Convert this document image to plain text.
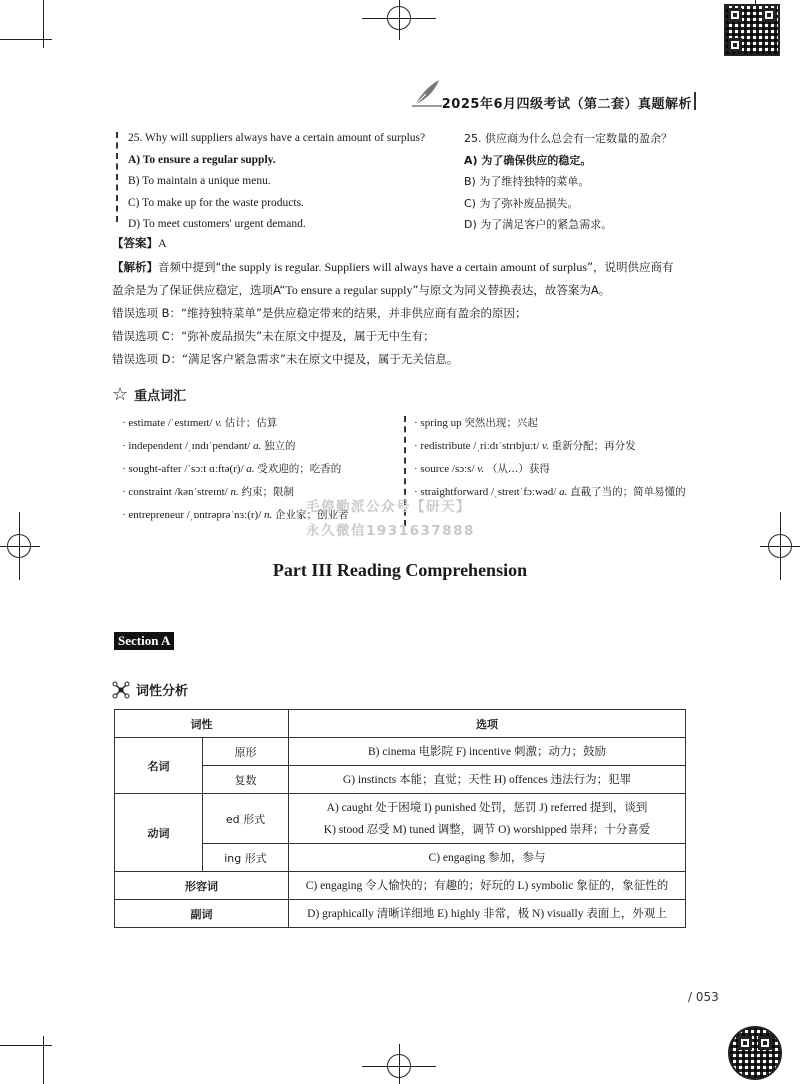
2025年6月四级考试（第二套）真题解析
25. Why will suppliers always have a certain amount of surplus?
A) To ensure a regular supply.
B) To maintain a unique menu.
C) To make up for the waste products.
D) To meet customers' urgent demand.
25. 供应商为什么总会有一定数量的盈余？
A) 为了确保供应的稳定。
B) 为了维持独特的菜单。
C) 为了弥补废品损失。
D) 为了满足客户的紧急需求。
【答案】A
【解析】音频中提到“the supply is regular. Suppliers will always have a certain amount of surplus”，说明供应商有
盈余是为了保证供应稳定，选项A“To ensure a regular supply”与原文为同义替换表达，故答案为A。
错误选项 B：“维持独特菜单”是供应稳定带来的结果，并非供应商有盈余的原因；
错误选项 C：“弥补废品损失”未在原文中提及，属于无中生有；
错误选项 D：“满足客户紧急需求”未在原文中提及，属于无关信息。
☆ 重点词汇
· estimate /ˈestɪmeɪt/ v. 估计；估算
· independent /ˌɪndɪˈpendənt/ a. 独立的
· sought-after /ˈsɔːt ɑːftə(r)/ a. 受欢迎的；吃香的
· constraint /kənˈstreɪnt/ n. 约束；限制
· entrepreneur /ˌɒntrəprəˈnɜː(r)/ n. 企业家；创业者
· spring up 突然出现；兴起
· redistribute /ˌriːdɪˈstrɪbjuːt/ v. 重新分配；再分发
· source /sɔːs/ v. （从…）获得
· straightforward /ˌstreɪtˈfɔːwəd/ a. 直截了当的；简单易懂的
毛停勤派公众号【研天】
永久微信1931637888
Part III Reading Comprehension
Section A
词性分析
词性		选项
名词	原形	B) cinema 电影院 F) incentive 刺激；动力；鼓励
	复数	G) instincts 本能；直觉；天性 H) offences 违法行为；犯罪
动词	ed 形式	A) caught 处于困境 I) punished 处罚，惩罚 J) referred 提到，谈到
K) stood 忍受 M) tuned 调整，调节 O) worshipped 崇拜；十分喜爱

	ing 形式	C) engaging 参加，参与
形容词		C) engaging 令人愉快的；有趣的；好玩的 L) symbolic 象征的，象征性的
副词		D) graphically 清晰详细地 E) highly 非常，极 N) visually 表面上，外观上
/ 053
